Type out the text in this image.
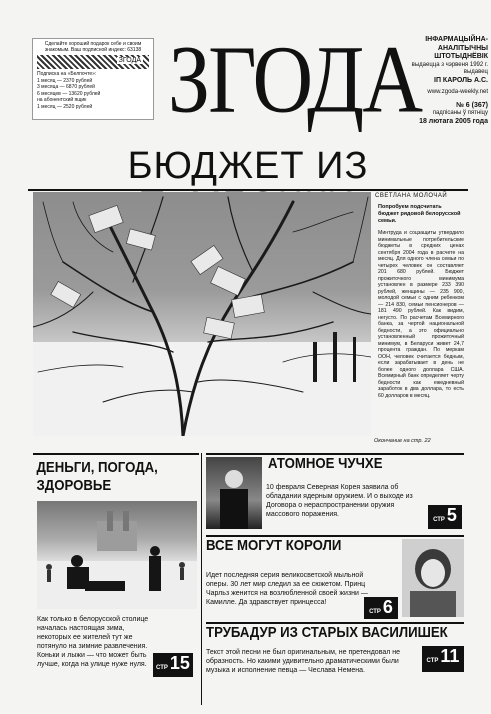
Сделайте хороший подарок себе и своим знакомым. Ваш подписной индекс: 63138
ЗГОДА
Подписка на «Белпочте»:
1 месяц — 2370 рублей
3 месяца — 6870 рублей
6 месяцев — 13620 рублей
на абонентский ящик
1 месяц — 2520 рублей ЗГОДА ІНФАРМАЦЫЙНА-АНАЛІТЫЧНЫ ШТОТЫДНЁВІК
выдаецца з чэрвеня 1992 г.
выдавец
ІП КАРОЛЬ А.С.
www.zgoda-weekly.net
№ 6 (367)
падпісаны ў пятніцу
18 лютага 2005 года
БЮДЖЕТ ИЗ
СВЕТЛАНА МОЛОЧАЙ
Попробуем подсчитать бюджет рядовой белорусской семьи.
Минтруда и соцзащиты утвердило минимальные потребительские бюджеты в средних ценах сентября 2004 года в расчете на месяц. Для одного члена семьи по четырех человек он составляет 201 680 рублей. Бюджет прожиточного минимума установлен в размере 233 390 рублей, женщины — 235 900, молодой семьи с одним ребенком — 214 830, семьи пенсионеров — 181 490 рублей. Как видим, негусто. По расчетам Всемирного банка, за чертой национальной бедности, а это официально установленный прожиточный минимум, в Беларуси живет 24,7 процента граждан. По меркам ООН, человек считается бедным, если зарабатывает в день не более одного доллара США. Всемирный банк определяет черту бедности как ежедневный заработок в два доллара, то есть 60 долларов в месяц.
Окончание на стр. 22
ДЕНЬГИ, ПОГОДА, ЗДОРОВЬЕ
Как только в белорусской столице началась настоящая зима, некоторых ее жителей тут же потянуло на зимние развлечения. Коньки и лыжи — что может быть лучше, когда на улице нуже нуля.	СТР 15
АТОМНОЕ ЧУЧХЕ
10 февраля Северная Корея заявила об обладании ядерным оружием. И о выходе из Договора о нераспространении оружия массового поражения.
СТР 5
ВСЕ МОГУТ КОРОЛИ
Идет последняя серия великосветской мыльной оперы. 30 лет мир следил за ее сюжетом. Принц Чарльз женится на возлюбленной своей жизни — Камилле. Да здравствует принцесса!
СТР 6
ТРУБАДУР ИЗ СТАРЫХ ВАСИЛИШЕК
Текст этой песни не был оригинальным, не претендовал не образность. Но какими удивительно драматическими были музыка и исполнение певца — Чеслава Немена.
СТР 11
